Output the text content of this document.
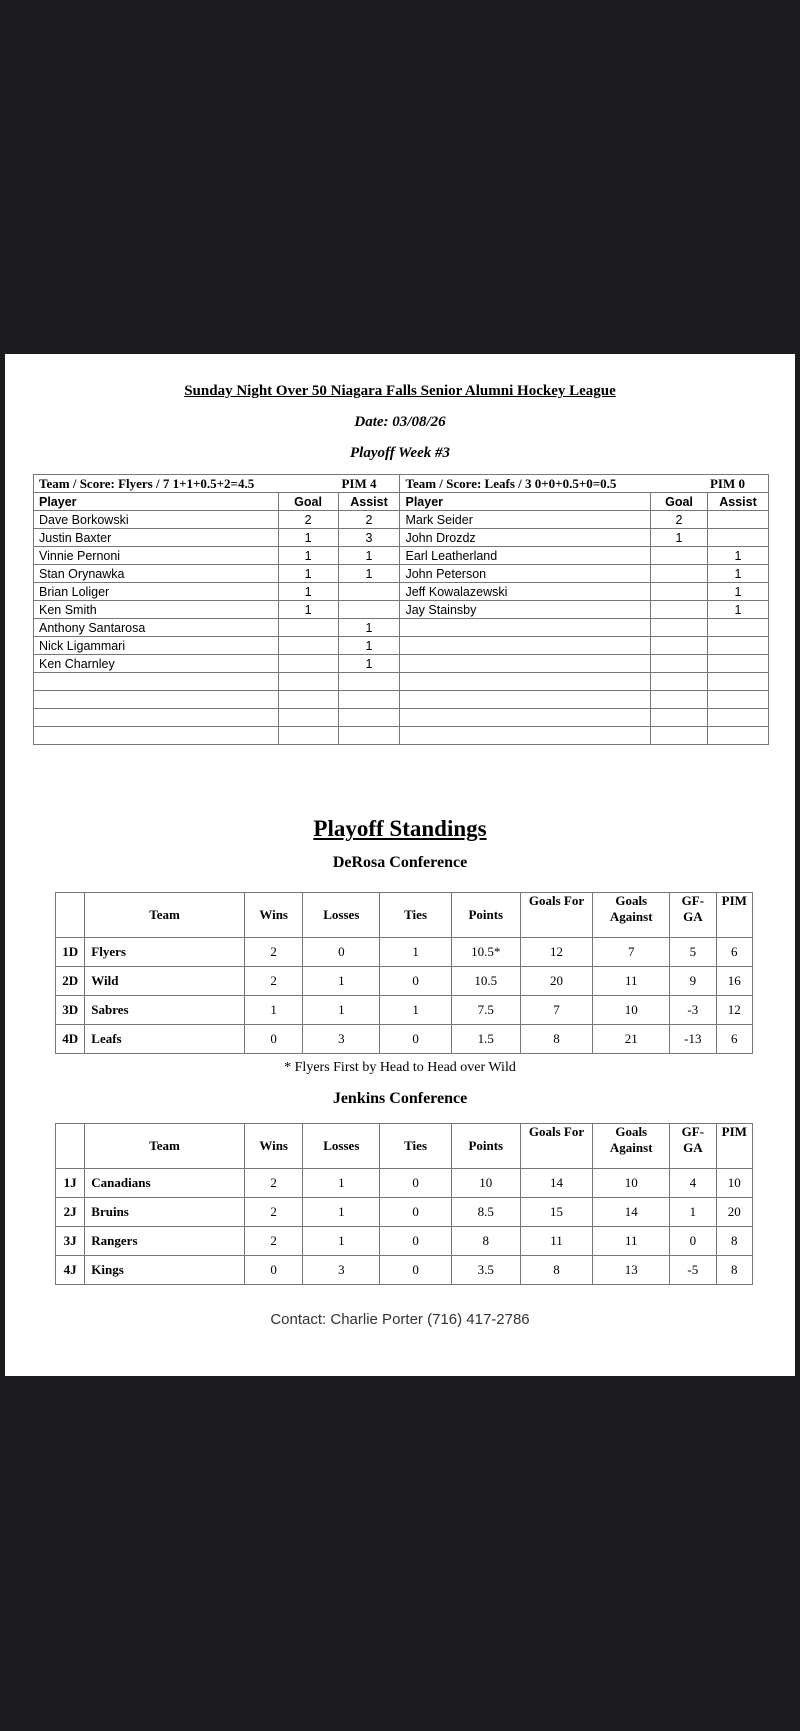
Sunday Night Over 50 Niagara Falls Senior Alumni Hockey League
Date: 03/08/26
Playoff Week #3
Team / Score: Flyers / 7 1+1+0.5+2=4.5 PIM 4			Team / Score: Leafs / 3 0+0+0.5+0=0.5 PIM 0		

Player	Goal	Assist	Player	Goal	Assist
Dave Borkowski	2	2	Mark Seider	2	
Justin Baxter	1	3	John Drozdz	1	
Vinnie Pernoni	1	1	Earl Leatherland		1
Stan Orynawka	1	1	John Peterson		1
Brian Loliger	1		Jeff Kowalazewski		1
Ken Smith	1		Jay Stainsby		1
Anthony Santarosa		1			
Nick Ligammari		1			
Ken Charnley		1			

Playoff Standings
DeRosa Conference
	Team	Wins	Losses	Ties	Points	Goals For	Goals Against	GF-GA	PIM
1D	Flyers	2	0	1	10.5*	12	7	5	6
2D	Wild	2	1	0	10.5	20	11	9	16
3D	Sabres	1	1	1	7.5	7	10	-3	12
4D	Leafs	0	3	0	1.5	8	21	-13	6
* Flyers First by Head to Head over Wild
Jenkins Conference
	Team	Wins	Losses	Ties	Points	Goals For	Goals Against	GF-GA	PIM
1J	Canadians	2	1	0	10	14	10	4	10
2J	Bruins	2	1	0	8.5	15	14	1	20
3J	Rangers	2	1	0	8	11	11	0	8
4J	Kings	0	3	0	3.5	8	13	-5	8
Contact: Charlie Porter (716) 417-2786
